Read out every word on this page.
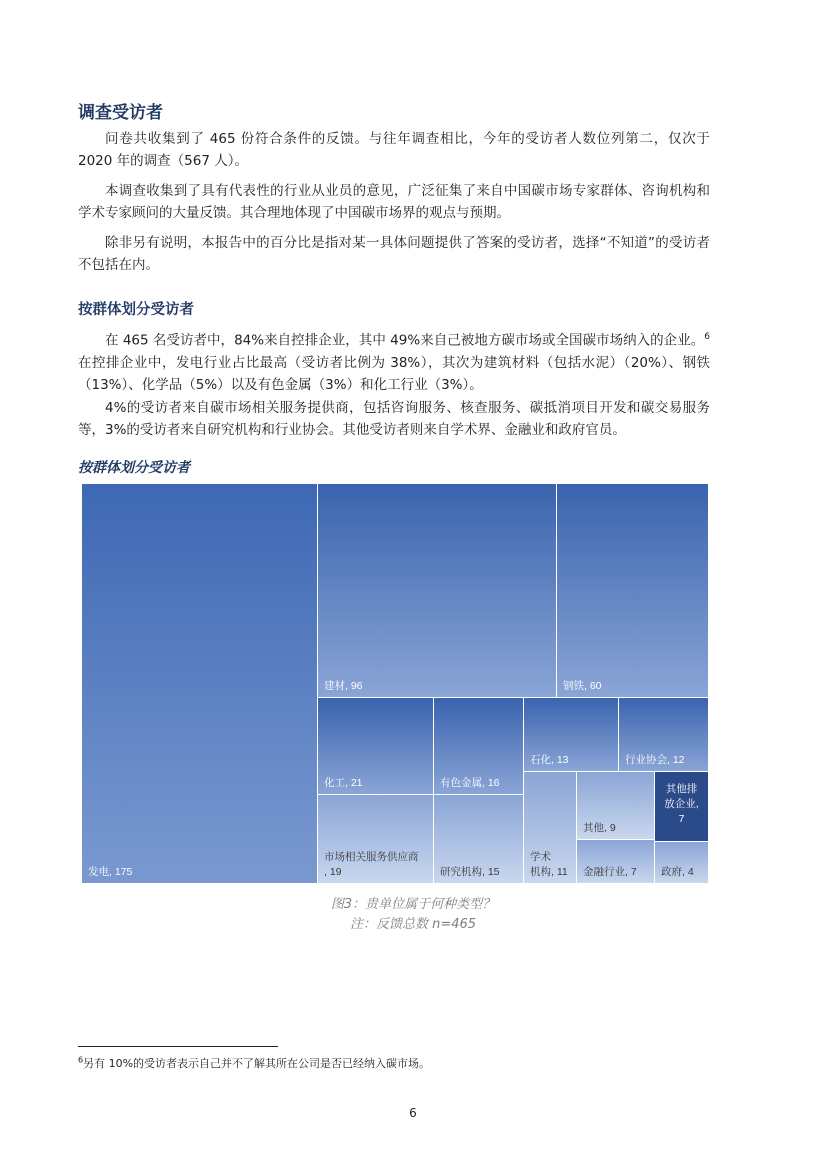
调查受访者
问卷共收集到了 465 份符合条件的反馈。与往年调查相比，今年的受访者人数位列第二，仅次于 2020 年的调查（567 人）。
本调查收集到了具有代表性的行业从业员的意见，广泛征集了来自中国碳市场专家群体、咨询机构和学术专家顾问的大量反馈。其合理地体现了中国碳市场界的观点与预期。
除非另有说明，本报告中的百分比是指对某一具体问题提供了答案的受访者，选择“不知道”的受访者不包括在内。
按群体划分受访者
在 465 名受访者中，84%来自控排企业，其中 49%来自己被地方碳市场或全国碳市场纳入的企业。$^6$ 在控排企业中，发电行业占比最高（受访者比例为 38%），其次为建筑材料（包括水泥）（20%）、钢铁（13%）、化学品（5%）以及有色金属（3%）和化工行业（3%）。
4%的受访者来自碳市场相关服务提供商，包括咨询服务、核查服务、碳抵消项目开发和碳交易服务等，3%的受访者来自研究机构和行业协会。其他受访者则来自学术界、金融业和政府官员。
按群体划分受访者
发电, 175
建材, 96	钢铁, 60
化工, 21
市场相关服务供应商, 19
有色金属, 16
研究机构, 15
石化, 13	行业协会, 12
学术机构, 11
其他, 9
其他排放企业, 7
金融行业, 7 政府, 4
图3：贵单位属于何种类型？
注：反馈总数 n=465
$^6$另有 10%的受访者表示自己并不了解其所在公司是否已经纳入碳市场。
6
